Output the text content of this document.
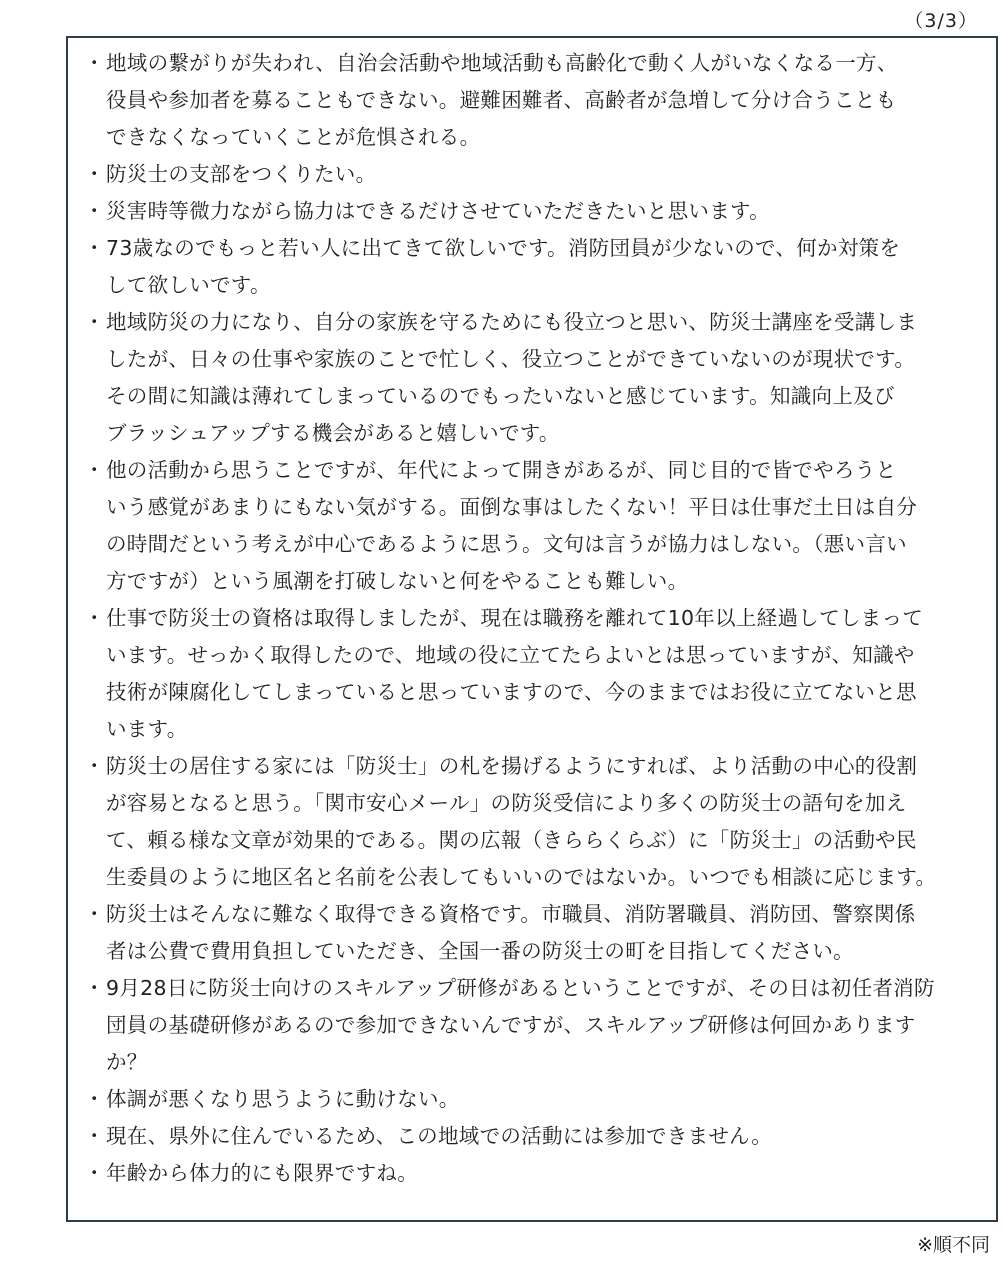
（3/3）
・ 地域の繋がりが失われ、自治会活動や地域活動も高齢化で動く人がいなくなる一方、
役員や参加者を募ることもできない。避難困難者、高齢者が急増して分け合うことも
できなくなっていくことが危惧される。
・ 防災士の支部をつくりたい。
・ 災害時等微力ながら協力はできるだけさせていただきたいと思います。
・ 73歳なのでもっと若い人に出てきて欲しいです。消防団員が少ないので、何か対策を
して欲しいです。
・ 地域防災の力になり、自分の家族を守るためにも役立つと思い、防災士講座を受講しま
したが、日々の仕事や家族のことで忙しく、役立つことができていないのが現状です。
その間に知識は薄れてしまっているのでもったいないと感じています。知識向上及び
ブラッシュアップする機会があると嬉しいです。
・ 他の活動から思うことですが、年代によって開きがあるが、同じ目的で皆でやろうと
いう感覚があまりにもない気がする。面倒な事はしたくない！平日は仕事だ土日は自分
の時間だという考えが中心であるように思う。文句は言うが協力はしない。（悪い言い
方ですが）という風潮を打破しないと何をやることも難しい。
・ 仕事で防災士の資格は取得しましたが、現在は職務を離れて10年以上経過してしまって
います。せっかく取得したので、地域の役に立てたらよいとは思っていますが、知識や
技術が陳腐化してしまっていると思っていますので、今のままではお役に立てないと思
います。
・ 防災士の居住する家には「防災士」の札を揚げるようにすれば、より活動の中心的役割
が容易となると思う。「関市安心メール」の防災受信により多くの防災士の語句を加え
て、頼る様な文章が効果的である。関の広報（きららくらぶ）に「防災士」の活動や民
生委員のように地区名と名前を公表してもいいのではないか。いつでも相談に応じます。
・ 防災士はそんなに難なく取得できる資格です。市職員、消防署職員、消防団、警察関係
者は公費で費用負担していただき、全国一番の防災士の町を目指してください。
・ 9月28日に防災士向けのスキルアップ研修があるということですが、その日は初任者消防
団員の基礎研修があるので参加できないんですが、スキルアップ研修は何回かあります
か？
・ 体調が悪くなり思うように動けない。
・ 現在、県外に住んでいるため、この地域での活動には参加できません。
・ 年齢から体力的にも限界ですね。
※順不同
